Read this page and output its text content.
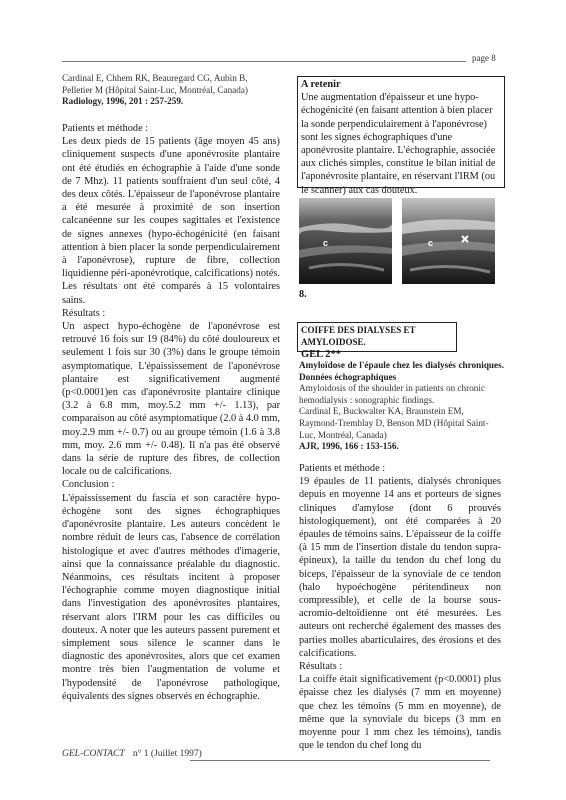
page 8
Cardinal E, Chhem RK, Beauregard CG, Aubin B,
Pelletier M (Hôpital Saint-Luc, Montréal, Canada)
Radiology, 1996, 201 : 257-259.
Patients et méthode :
Les deux pieds de 15 patients (âge moyen 45 ans) cliniquement suspects d'une aponévrosite plantaire ont été étudiés en échographie à l'aide d'une sonde de 7 Mhz). 11 patients souffraient d'un seul côté, 4 des deux côtés. L'épaisseur de l'aponévrose plantaire a été mesurée à proximité de son insertion calcanéenne sur les coupes sagittales et l'existence de signes annexes (hypo-échogénicité (en faisant attention à bien placer la sonde perpendiculairement à l'aponévrose), rupture de fibre, collection liquidienne péri-aponévrotique, calcifications) notés. Les résultats ont été comparés à 15 volontaires sains.
Résultats :
Un aspect hypo-échogène de l'aponévrose est retrouvé 16 fois sur 19 (84%) du côté douloureux et seulement 1 fois sur 30 (3%) dans le groupe témoin asymptomatique. L'épaississement de l'aponévrose plantaire est significativement augmenté (p<0.0001)en cas d'aponévrosite plantaire clinique (3.2 à 6.8 mm, moy.5.2 mm +/- 1.13), par comparaison au côté asymptomatique (2.0 à 4.0 mm, moy.2.9 mm +/- 0.7) ou au groupe témoin (1.6 à 3.8 mm, moy. 2.6 mm +/- 0.48). Il n'a pas été observé dans la série de rupture des fibres, de collection locale ou de calcifications.
Conclusion :
L'épaississement du fascia et son caractère hypo-échogène sont des signes échographiques d'aponévrosite plantaire. Les auteurs concèdent le nombre réduit de leurs cas, l'absence de corrélation histologique et avec d'autres méthodes d'imagerie, ainsi que la connaissance préalable du diagnostic. Néanmoins, ces résultats incitent à proposer l'échographie comme moyen diagnostique initial dans l'investigation des aponévrosites plantaires, réservant alors l'IRM pour les cas difficiles ou douteux. A noter que les auteurs passent purement et simplement sous silence le scanner dans le diagnostic des aponévrosites, alors que cet examen montre très bien l'augmentation de volume et l'hypodensité de l'aponévrose pathologique, équivalents des signes observés en échographie.
A retenir
Une augmentation d'épaisseur et une hypo-échogénicité (en faisant attention à bien placer la sonde perpendiculairement à l'aponévrose) sont les signes échographiques d'une aponévrosite plantaire. L'échographie, associée aux clichés simples, constitue le bilan initial de l'aponévrosite plantaire, en réservant l'IRM (ou le scanner) aux cas douteux.
c	c
8.
COIFFE DES DIALYSES ET AMYLOIDOSE.
GEL 2**
Amyloïdose de l'épaule chez les dialysés chroniques. Données échographiques
Amyloidosis of the shoulder in patients on chronic
hemodialysis : sonographic findings.
Cardinal E, Buckwalter KA, Braunstein EM,
Raymond-Tremblay D, Benson MD (Hôpital Saint-
Luc, Montréal, Canada)
AJR, 1996, 166 : 153-156.
Patients et méthode :
19 épaules de 11 patients, dialysés chroniques depuis en moyenne 14 ans et porteurs de signes cliniques d'amylose (dont 6 prouvés histologiquement), ont été comparées à 20 épaules de témoins sains. L'épaisseur de la coiffe (à 15 mm de l'insertion distale du tendon supra-épineux), la taille du tendon du chef long du biceps, l'épaisseur de la synoviale de ce tendon (halo hypoéchogène péritendineux non compressible), et celle de la bourse sous-acromio-deltoïdienne ont été mesurées. Les auteurs ont recherché également des masses des parties molles abarticulaires, des érosions et des calcifications.
Résultats :
La coiffe était significativement (p<0.0001) plus épaisse chez les dialysés (7 mm en moyenne) que chez les témoins (5 mm en moyenne), de même que la synoviale du biceps (3 mm en moyenne pour 1 mm chez les témoins), tandis que le tendon du chef long du
GEL-CONTACT n° 1 (Juillet 1997)
